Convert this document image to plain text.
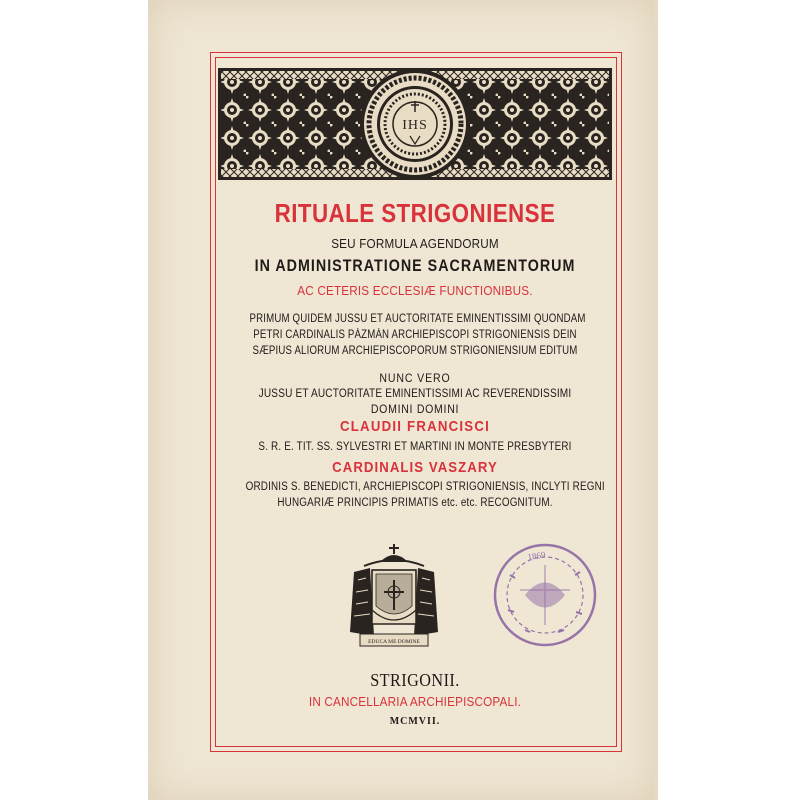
IHS
RITUALE STRIGONIENSE
SEU FORMULA AGENDORUM
IN ADMINISTRATIONE SACRAMENTORUM
AC CETERIS ECCLESIÆ FUNCTIONIBUS.
PRIMUM QUIDEM JUSSU ET AUCTORITATE EMINENTISSIMI QUONDAM
PETRI CARDINALIS PÁZMÁN ARCHIEPISCOPI STRIGONIENSIS DEIN
SÆPIUS ALIORUM ARCHIEPISCOPORUM STRIGONIENSIUM EDITUM
NUNC VERO
JUSSU ET AUCTORITATE EMINENTISSIMI AC REVERENDISSIMI
DOMINI DOMINI
CLAUDII FRANCISCI
S. R. E. TIT. SS. SYLVESTRI ET MARTINI IN MONTE PRESBYTERI
CARDINALIS VASZARY
ORDINIS S. BENEDICTI, ARCHIEPISCOPI STRIGONIENSIS, INCLYTI REGNI
HUNGARIÆ PRINCIPIS PRIMATIS etc. etc. RECOGNITUM.
EDUCA ME DOMINE
1869
STRIGONII.
IN CANCELLARIA ARCHIEPISCOPALI.
MCMVII.
